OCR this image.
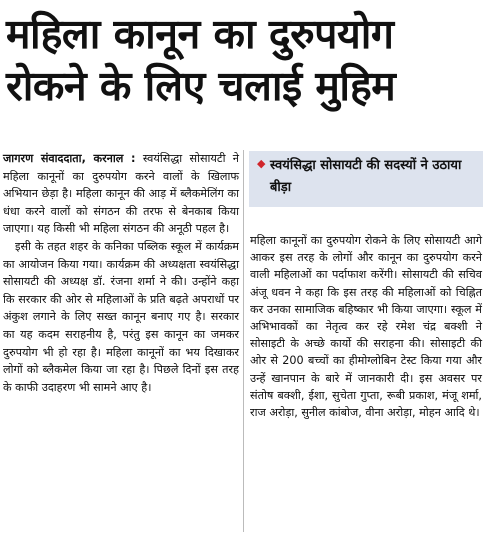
महिला कानून का दुरुपयोग
रोकने के लिए चलाई मुहिम

जागरण संवाददाता, करनाल : स्वयंसिद्धा सोसायटी ने महिला कानूनों का दुरुपयोग करने वालों के खिलाफ अभियान छेड़ा है। महिला कानून की आड़ में ब्लैकमेलिंग का धंधा करने वालों को संगठन की तरफ से बेनकाब किया जाएगा। यह किसी भी महिला संगठन की अनूठी पहल है।

इसी के तहत शहर के कनिका पब्लिक स्कूल में कार्यक्रम का आयोजन किया गया। कार्यक्रम की अध्यक्षता स्वयंसिद्धा सोसायटी की अध्यक्ष डॉ. रंजना शर्मा ने की। उन्होंने कहा कि सरकार की ओर से महिलाओं के प्रति बढ़ते अपराधों पर अंकुश लगाने के लिए सख्त कानून बनाए गए है। सरकार का यह कदम सराहनीय है, परंतु इस कानून का जमकर दुरुपयोग भी हो रहा है। महिला कानूनों का भय दिखाकर लोगों को ब्लैकमेल किया जा रहा है। पिछले दिनों इस तरह के काफी उदाहरण भी सामने आए है।

◆ स्वयंसिद्धा सोसायटी की सदस्यों ने उठाया बीड़ा

महिला कानूनों का दुरुपयोग रोकने के लिए सोसायटी आगे आकर इस तरह के लोगों और कानून का दुरुपयोग करने वाली महिलाओं का पर्दाफाश करेंगी। सोसायटी की सचिव अंजू धवन ने कहा कि इस तरह की महिलाओं को चिह्नित कर उनका सामाजिक बहिष्कार भी किया जाएगा। स्कूल में अभिभावकों का नेतृत्व कर रहे रमेश चंद्र बक्शी ने सोसाइटी के अच्छे कार्यो की सराहना की। सोसाइटी की ओर से 200 बच्चों का हीमोग्लोबिन टेस्ट किया गया और उन्हें खानपान के बारे में जानकारी दी। इस अवसर पर संतोष बक्शी, ईशा, सुचेता गुप्ता, रूबी प्रकाश, मंजू शर्मा, राज अरोड़ा, सुनील कांबोज, वीना अरोड़ा, मोहन आदि थे।
